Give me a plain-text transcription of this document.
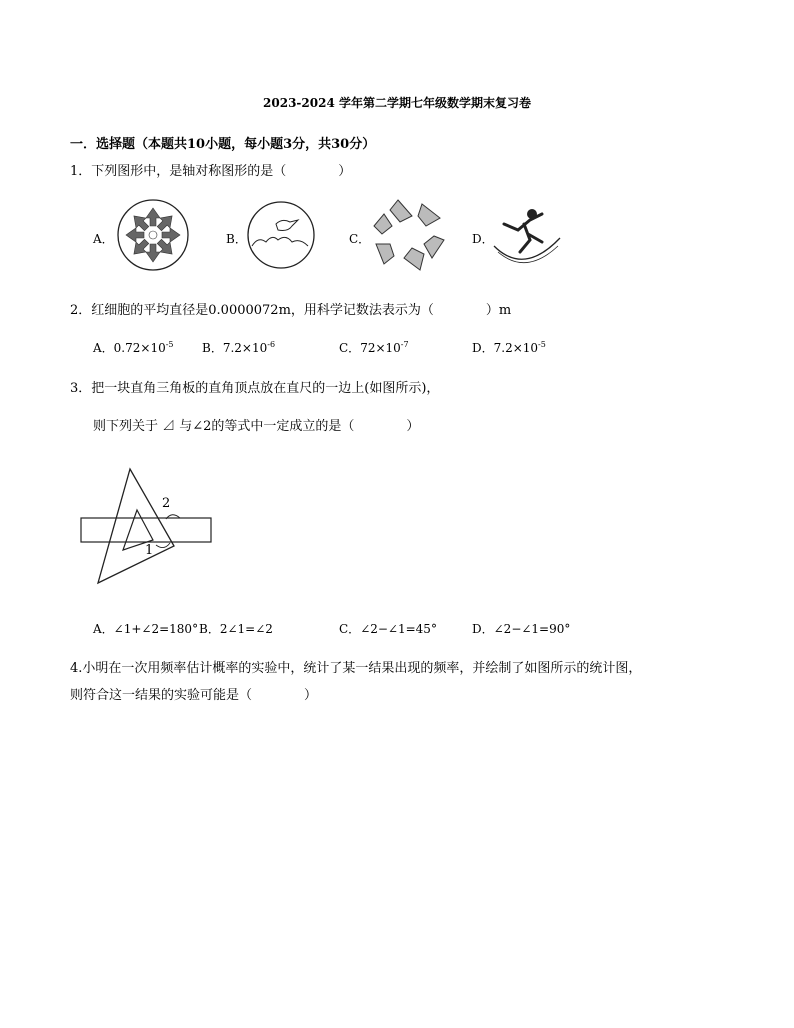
2023-2024 学年第二学期七年级数学期末复习卷
一．选择题（本题共10小题，每小题3分，共30分）
1．下列图形中，是轴对称图形的是（　　　　）
A．	B．	C．	D．
2．红细胞的平均直径是0.0000072m，用科学记数法表示为（　　　　）m
A．$0.72\times 10^{-5}$ B．$7.2\times 10^{-6}$	C．$72\times 10^{-7}$	D．$7.2\times 10^{-5}$
3．把一块直角三角板的直角顶点放在直尺的一边上(如图所示)，
则下列关于 ⊿ 与∠2的等式中一定成立的是（　　　　）
2
1
A．∠1+∠2=180° B．2∠1=∠2	C．∠2−∠1=45°	D．∠2−∠1=90°
4.小明在一次用频率估计概率的实验中，统计了某一结果出现的频率，并绘制了如图所示的统计图，
则符合这一结果的实验可能是（　　　　）
